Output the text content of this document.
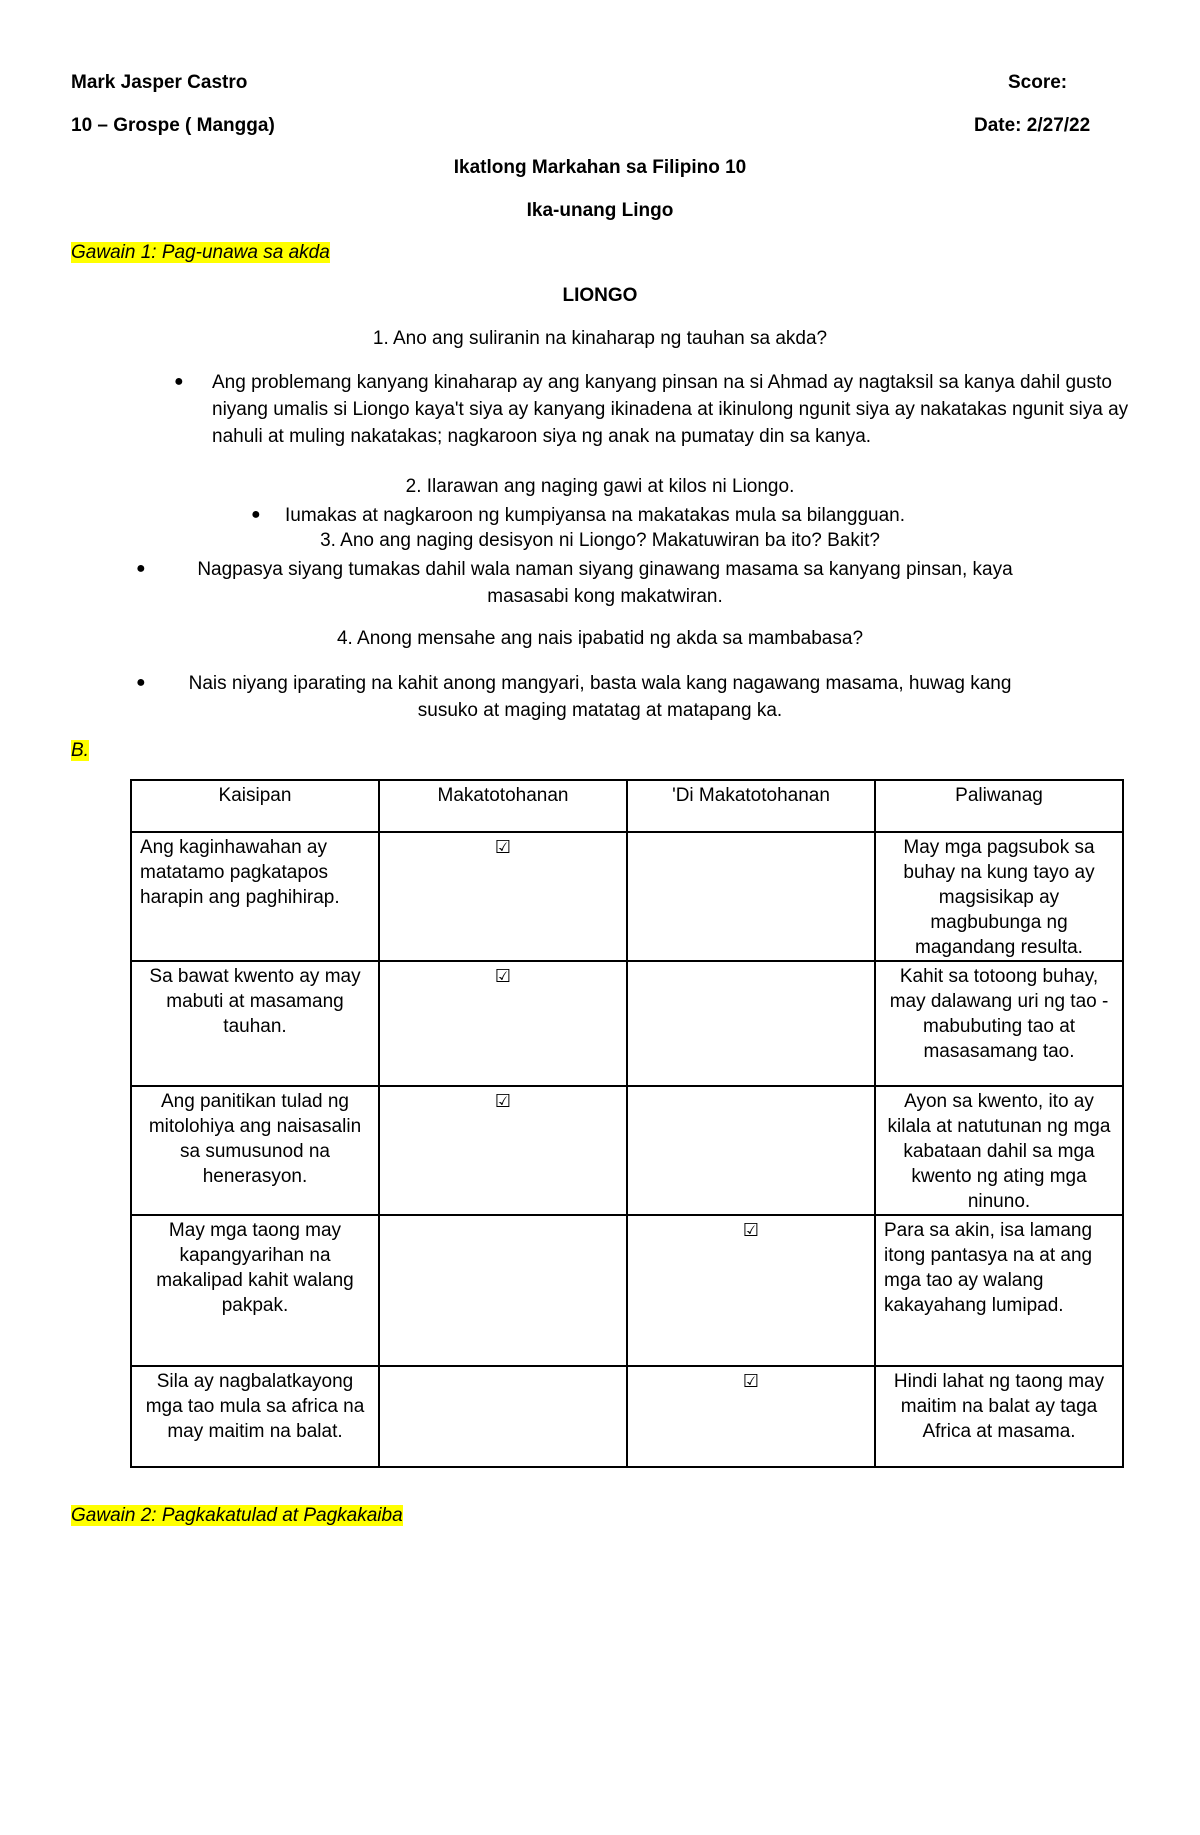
Mark Jasper Castro	Score:
10 – Grospe ( Mangga)	Date: 2/27/22
Ikatlong Markahan sa Filipino 10
Ika-unang Lingo
Gawain 1: Pag-unawa sa akda
LIONGO
1. Ano ang suliranin na kinaharap ng tauhan sa akda?
● Ang problemang kanyang kinaharap ay ang kanyang pinsan na si Ahmad ay nagtaksil sa kanya dahil gusto niyang umalis si Liongo kaya't siya ay kanyang ikinadena at ikinulong ngunit siya ay nakatakas ngunit siya ay nahuli at muling nakatakas; nagkaroon siya ng anak na pumatay din sa kanya.
2. Ilarawan ang naging gawi at kilos ni Liongo.
● Iumakas at nagkaroon ng kumpiyansa na makatakas mula sa bilangguan.
3. Ano ang naging desisyon ni Liongo? Makatuwiran ba ito? Bakit?
●	Nagpasya siyang tumakas dahil wala naman siyang ginawang masama sa kanyang pinsan, kaya masasabi kong makatwiran.
4. Anong mensahe ang nais ipabatid ng akda sa mambabasa?
●	Nais niyang iparating na kahit anong mangyari, basta wala kang nagawang masama, huwag kang susuko at maging matatag at matapang ka.
B.
Kaisipan	Makatotohanan	'Di Makatotohanan	Paliwanag
Ang kaginhawahan ay matatamo pagkatapos harapin ang paghihirap.	☑		May mga pagsubok sa buhay na kung tayo ay magsisikap ay magbubunga ng magandang resulta.
Sa bawat kwento ay may mabuti at masamang tauhan.	☑		Kahit sa totoong buhay, may dalawang uri ng tao - mabubuting tao at masasamang tao.
Ang panitikan tulad ng mitolohiya ang naisasalin sa sumusunod na henerasyon.	☑		Ayon sa kwento, ito ay kilala at natutunan ng mga kabataan dahil sa mga kwento ng ating mga ninuno.
May mga taong may kapangyarihan na makalipad kahit walang pakpak.		☑	Para sa akin, isa lamang itong pantasya na at ang mga tao ay walang kakayahang lumipad.
Sila ay nagbalatkayong mga tao mula sa africa na may maitim na balat.		☑	Hindi lahat ng taong may maitim na balat ay taga Africa at masama.
Gawain 2: Pagkakatulad at Pagkakaiba
